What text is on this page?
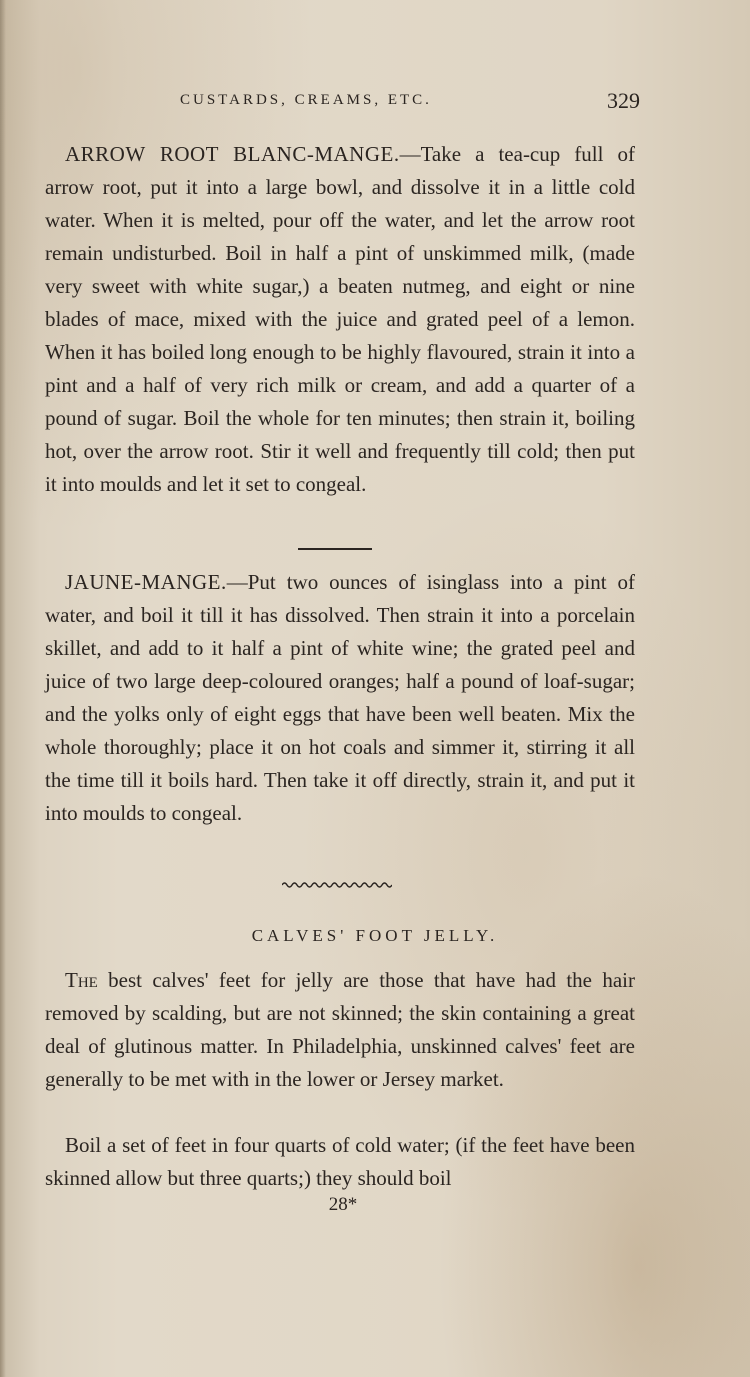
CUSTARDS, CREAMS, ETC.	329
ARROW ROOT BLANC-MANGE.—Take a tea-cup full of arrow root, put it into a large bowl, and dissolve it in a little cold water. When it is melted, pour off the water, and let the arrow root remain undisturbed. Boil in half a pint of unskimmed milk, (made very sweet with white sugar,) a beaten nutmeg, and eight or nine blades of mace, mixed with the juice and grated peel of a lemon. When it has boiled long enough to be highly flavoured, strain it into a pint and a half of very rich milk or cream, and add a quarter of a pound of sugar. Boil the whole for ten minutes; then strain it, boiling hot, over the arrow root. Stir it well and frequently till cold; then put it into moulds and let it set to congeal.
JAUNE-MANGE.—Put two ounces of isinglass into a pint of water, and boil it till it has dissolved. Then strain it into a porcelain skillet, and add to it half a pint of white wine; the grated peel and juice of two large deep-coloured oranges; half a pound of loaf-sugar; and the yolks only of eight eggs that have been well beaten. Mix the whole thoroughly; place it on hot coals and simmer it, stirring it all the time till it boils hard. Then take it off directly, strain it, and put it into moulds to congeal.
CALVES' FOOT JELLY.
The best calves' feet for jelly are those that have had the hair removed by scalding, but are not skinned; the skin containing a great deal of glutinous matter. In Philadelphia, unskinned calves' feet are generally to be met with in the lower or Jersey market.
Boil a set of feet in four quarts of cold water; (if the feet have been skinned allow but three quarts;) they should boil
28*
